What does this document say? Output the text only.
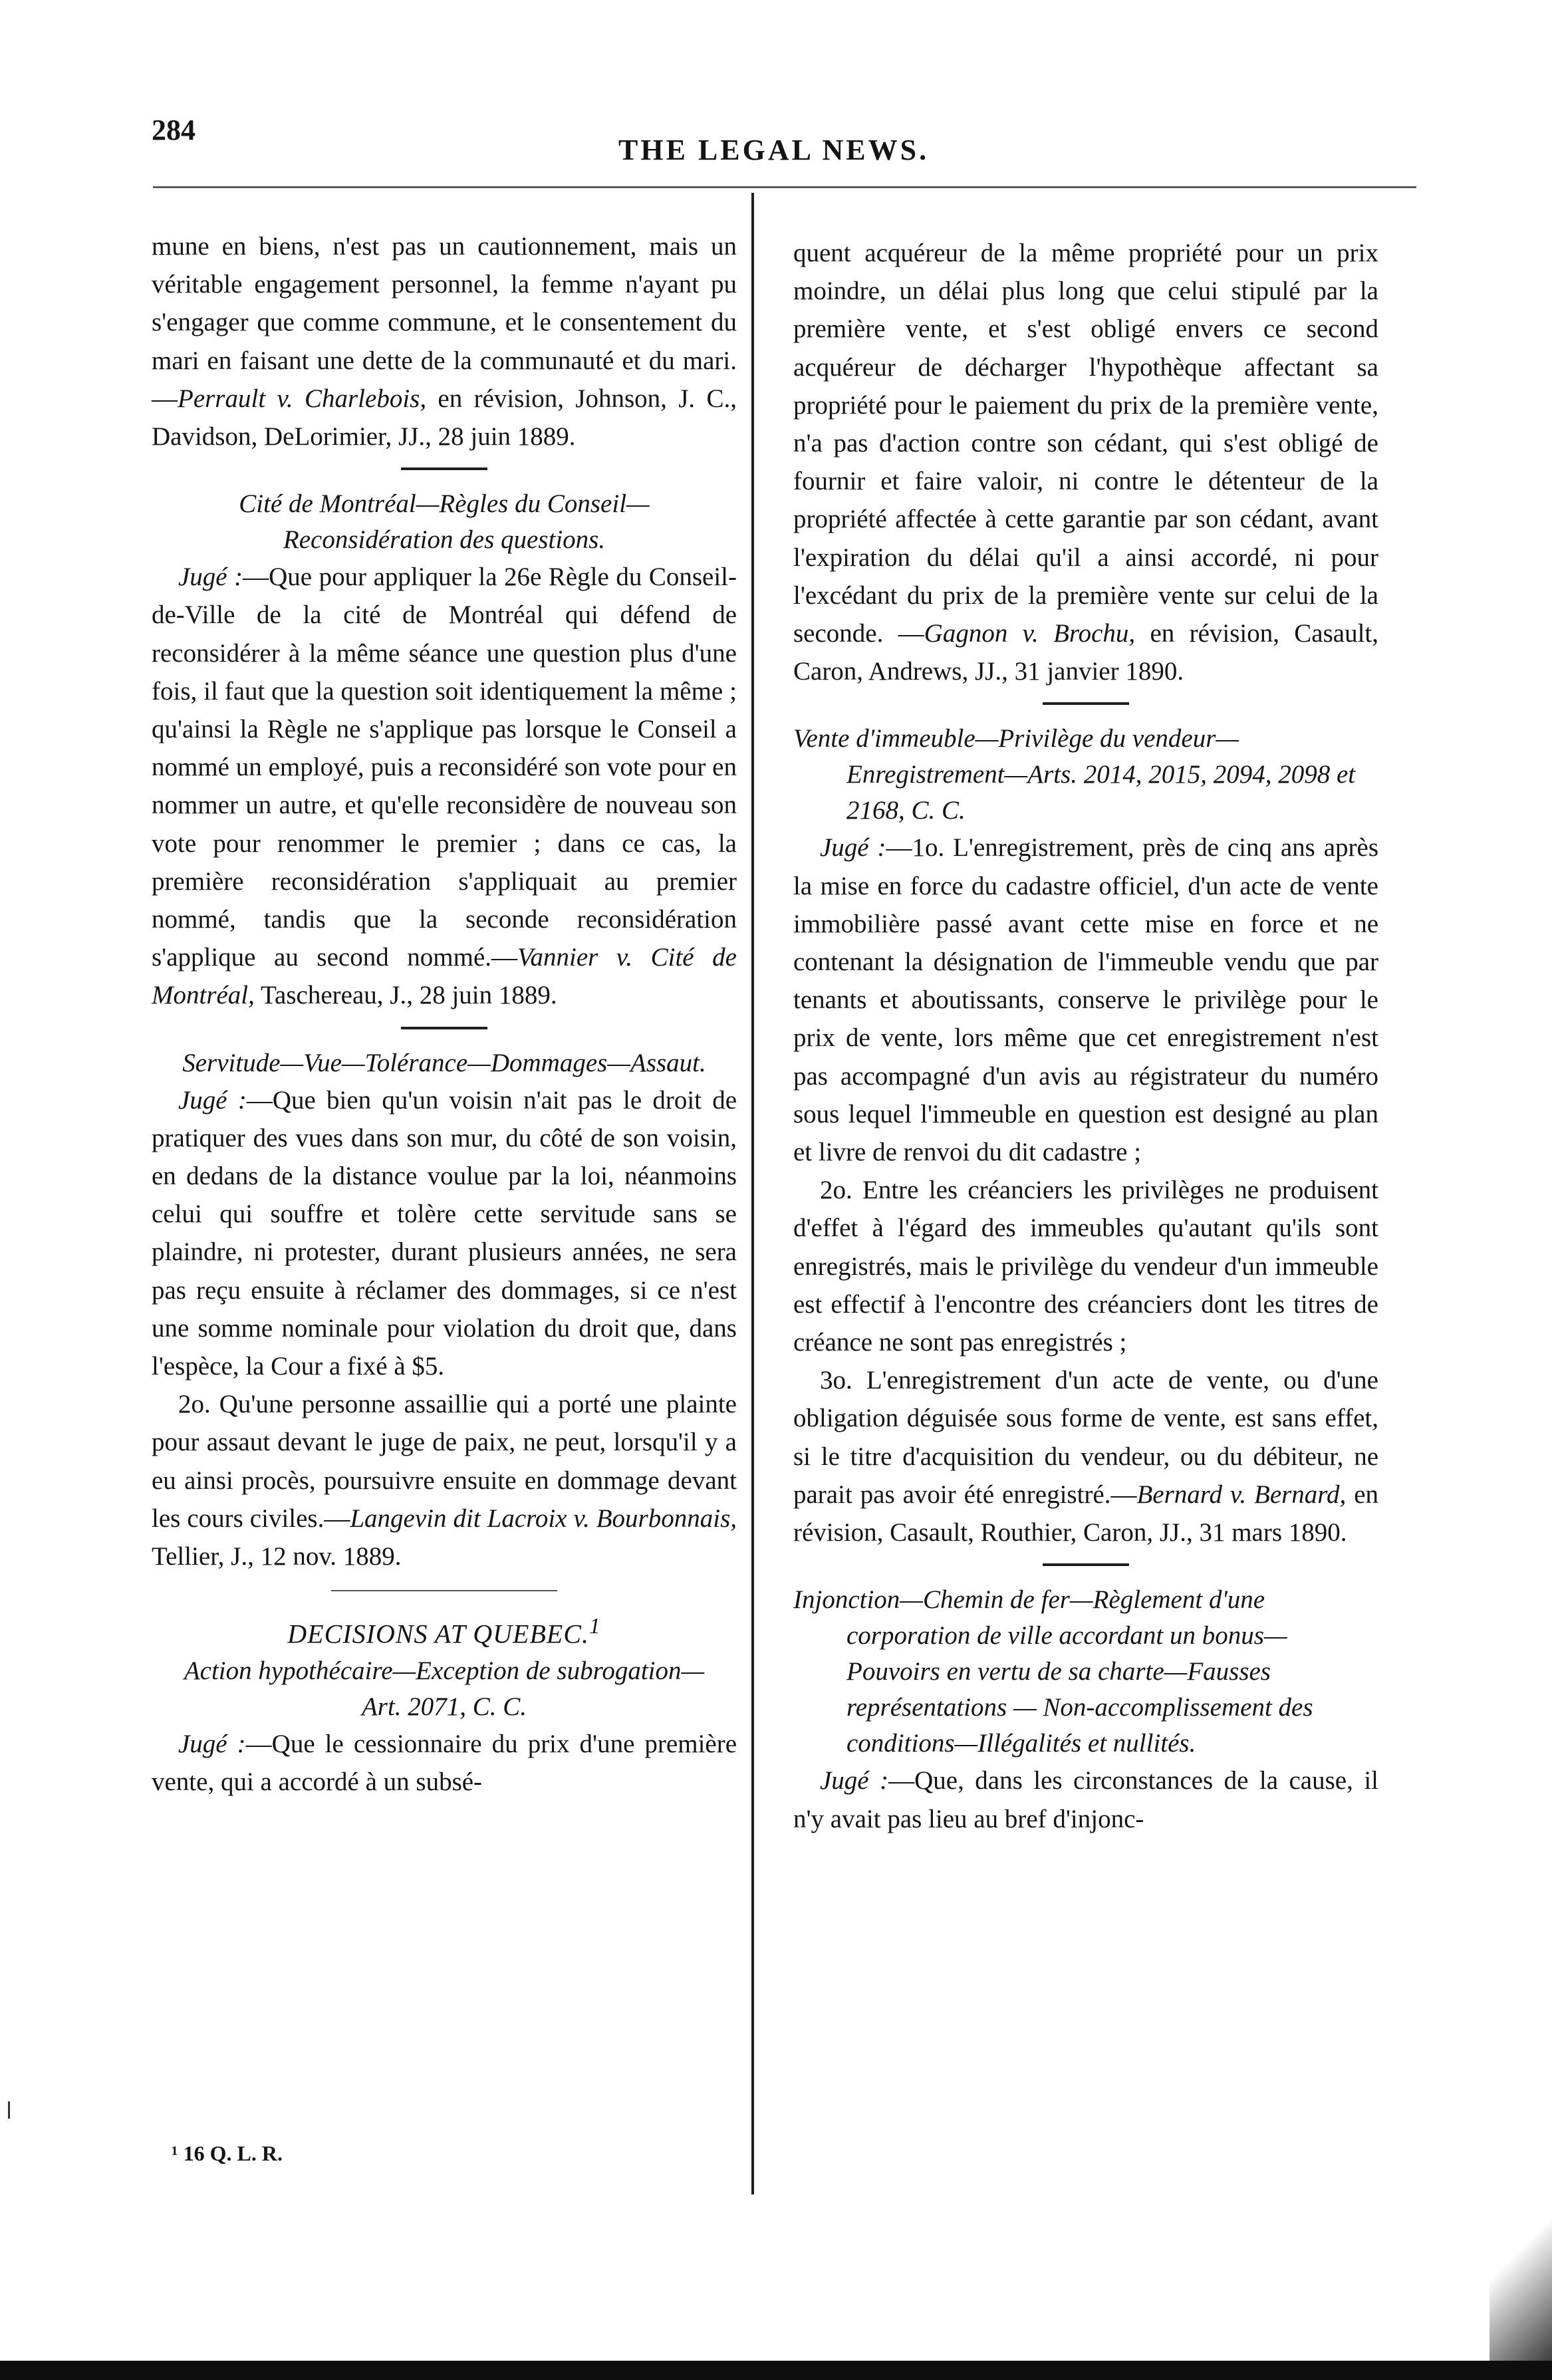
284
THE LEGAL NEWS.

mune en biens, n'est pas un cautionnement, mais un véritable engagement personnel, la femme n'ayant pu s'engager que comme commune, et le consentement du mari en faisant une dette de la communauté et du mari.—Perrault v. Charlebois, en révision, Johnson, J. C., Davidson, DeLorimier, JJ., 28 juin 1889.

Cité de Montréal—Règles du Conseil—Reconsidération des questions.

Jugé :—Que pour appliquer la 26e Règle du Conseil-de-Ville de la cité de Montréal qui défend de reconsidérer à la même séance une question plus d'une fois, il faut que la question soit identiquement la même ; qu'ainsi la Règle ne s'applique pas lorsque le Conseil a nommé un employé, puis a reconsidéré son vote pour en nommer un autre, et qu'elle reconsidère de nouveau son vote pour renommer le premier ; dans ce cas, la première reconsidération s'appliquait au premier nommé, tandis que la seconde reconsidération s'applique au second nommé.—Vannier v. Cité de Montréal, Taschereau, J., 28 juin 1889.

Servitude—Vue—Tolérance—Dommages—Assaut.

Jugé :—Que bien qu'un voisin n'ait pas le droit de pratiquer des vues dans son mur, du côté de son voisin, en dedans de la distance voulue par la loi, néanmoins celui qui souffre et tolère cette servitude sans se plaindre, ni protester, durant plusieurs années, ne sera pas reçu ensuite à réclamer des dommages, si ce n'est une somme nominale pour violation du droit que, dans l'espèce, la Cour a fixé à $5.

2o. Qu'une personne assaillie qui a porté une plainte pour assaut devant le juge de paix, ne peut, lorsqu'il y a eu ainsi procès, poursuivre ensuite en dommage devant les cours civiles.—Langevin dit Lacroix v. Bourbonnais, Tellier, J., 12 nov. 1889.

DECISIONS AT QUEBEC.$^1$

Action hypothécaire—Exception de subrogation—Art. 2071, C. C.

Jugé :—Que le cessionnaire du prix d'une première vente, qui a accordé à un subsé-

¹ 16 Q. L. R.

quent acquéreur de la même propriété pour un prix moindre, un délai plus long que celui stipulé par la première vente, et s'est obligé envers ce second acquéreur de décharger l'hypothèque affectant sa propriété pour le paiement du prix de la première vente, n'a pas d'action contre son cédant, qui s'est obligé de fournir et faire valoir, ni contre le détenteur de la propriété affectée à cette garantie par son cédant, avant l'expiration du délai qu'il a ainsi accordé, ni pour l'excédant du prix de la première vente sur celui de la seconde. —Gagnon v. Brochu, en révision, Casault, Caron, Andrews, JJ., 31 janvier 1890.

Vente d'immeuble—Privilège du vendeur—Enregistrement—Arts. 2014, 2015, 2094, 2098 et 2168, C. C.

Jugé :—1o. L'enregistrement, près de cinq ans après la mise en force du cadastre officiel, d'un acte de vente immobilière passé avant cette mise en force et ne contenant la désignation de l'immeuble vendu que par tenants et aboutissants, conserve le privilège pour le prix de vente, lors même que cet enregistrement n'est pas accompagné d'un avis au régistrateur du numéro sous lequel l'immeuble en question est designé au plan et livre de renvoi du dit cadastre ;

2o. Entre les créanciers les privilèges ne produisent d'effet à l'égard des immeubles qu'autant qu'ils sont enregistrés, mais le privilège du vendeur d'un immeuble est effectif à l'encontre des créanciers dont les titres de créance ne sont pas enregistrés ;

3o. L'enregistrement d'un acte de vente, ou d'une obligation déguisée sous forme de vente, est sans effet, si le titre d'acquisition du vendeur, ou du débiteur, ne parait pas avoir été enregistré.—Bernard v. Bernard, en révision, Casault, Routhier, Caron, JJ., 31 mars 1890.

Injonction—Chemin de fer—Règlement d'une corporation de ville accordant un bonus—Pouvoirs en vertu de sa charte—Fausses représentations — Non-accomplissement des conditions—Illégalités et nullités.

Jugé :—Que, dans les circonstances de la cause, il n'y avait pas lieu au bref d'injonc-
